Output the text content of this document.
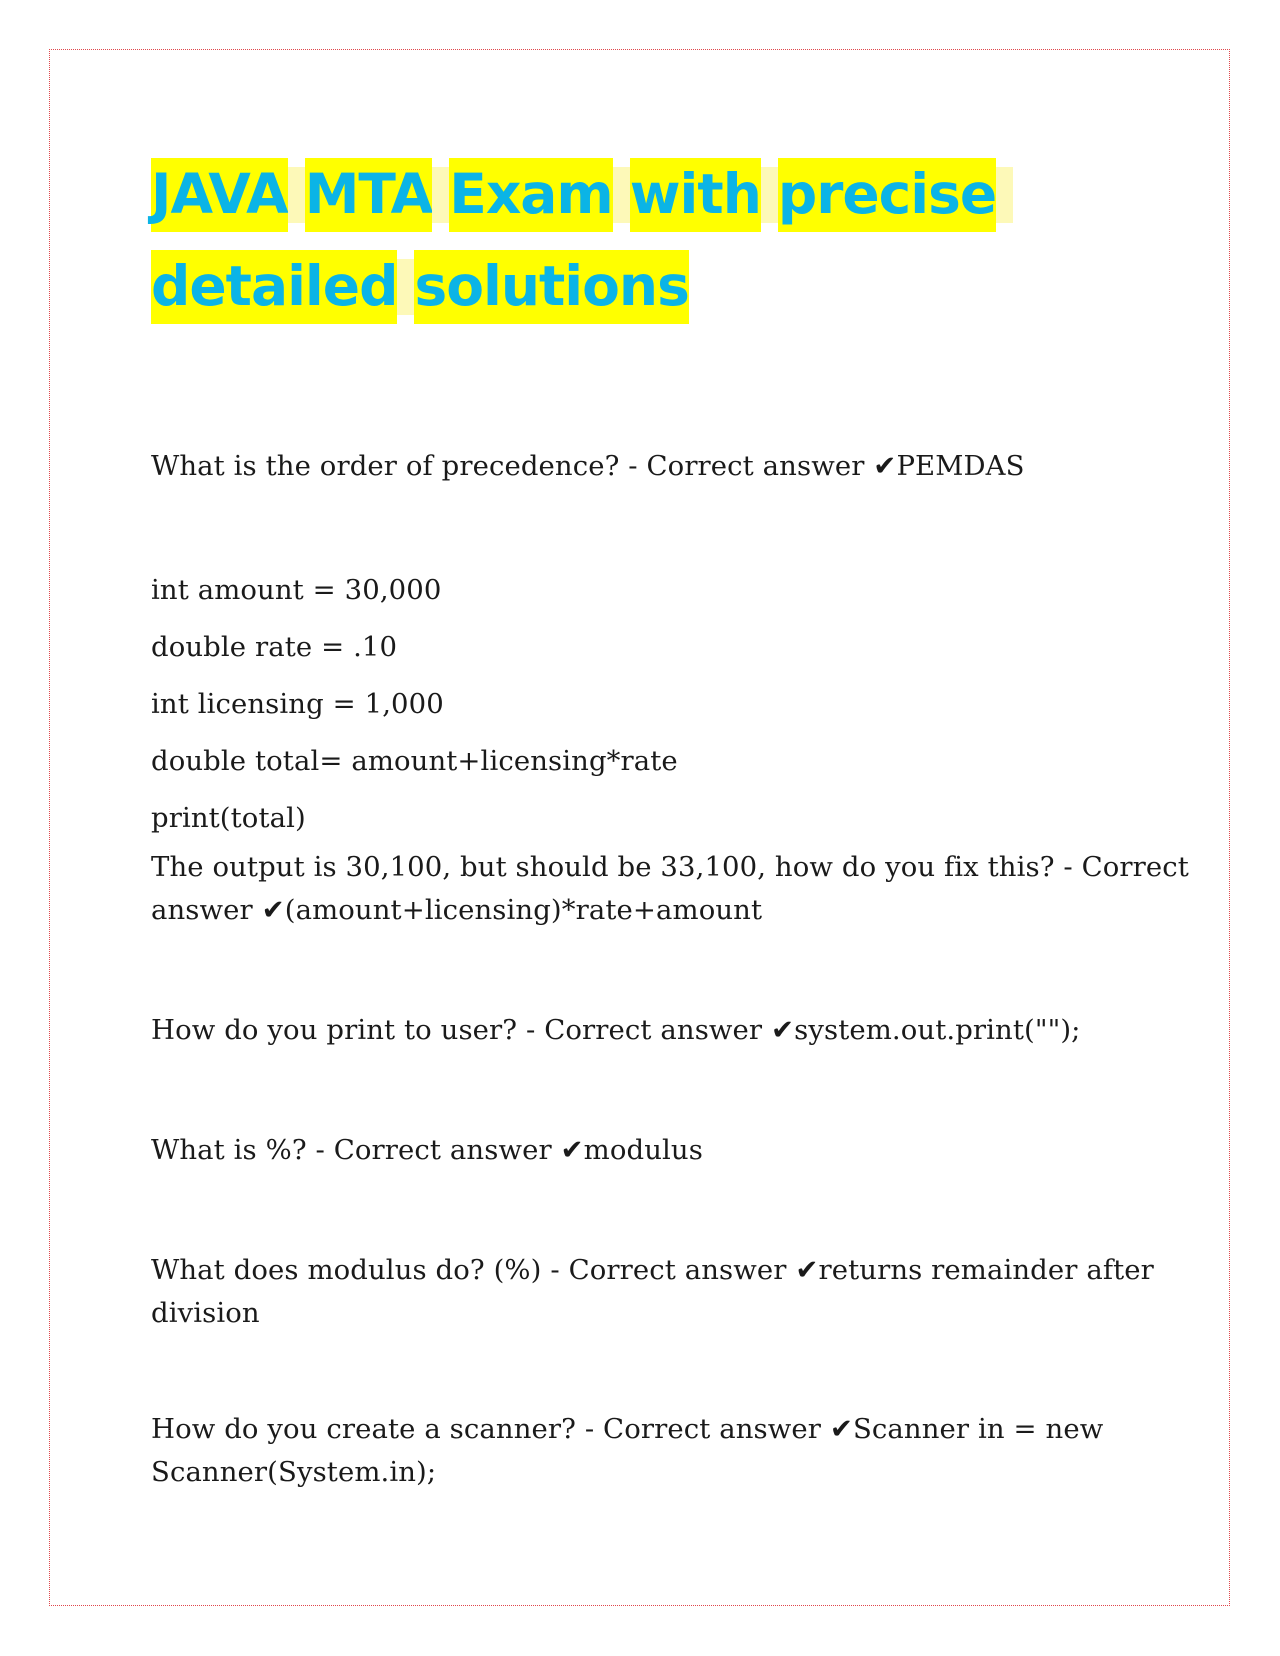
JAVA MTA Exam with precise
detailed solutions
What is the order of precedence? - Correct answer ✔PEMDAS
int amount = 30,000
double rate = .10
int licensing = 1,000
double total= amount+licensing*rate
print(total)
The output is 30,100, but should be 33,100, how do you fix this? - Correct
answer ✔(amount+licensing)*rate+amount
How do you print to user? - Correct answer ✔system.out.print("");
What is %? - Correct answer ✔modulus
What does modulus do? (%) - Correct answer ✔returns remainder after
division
How do you create a scanner? - Correct answer ✔Scanner in = new
Scanner(System.in);
